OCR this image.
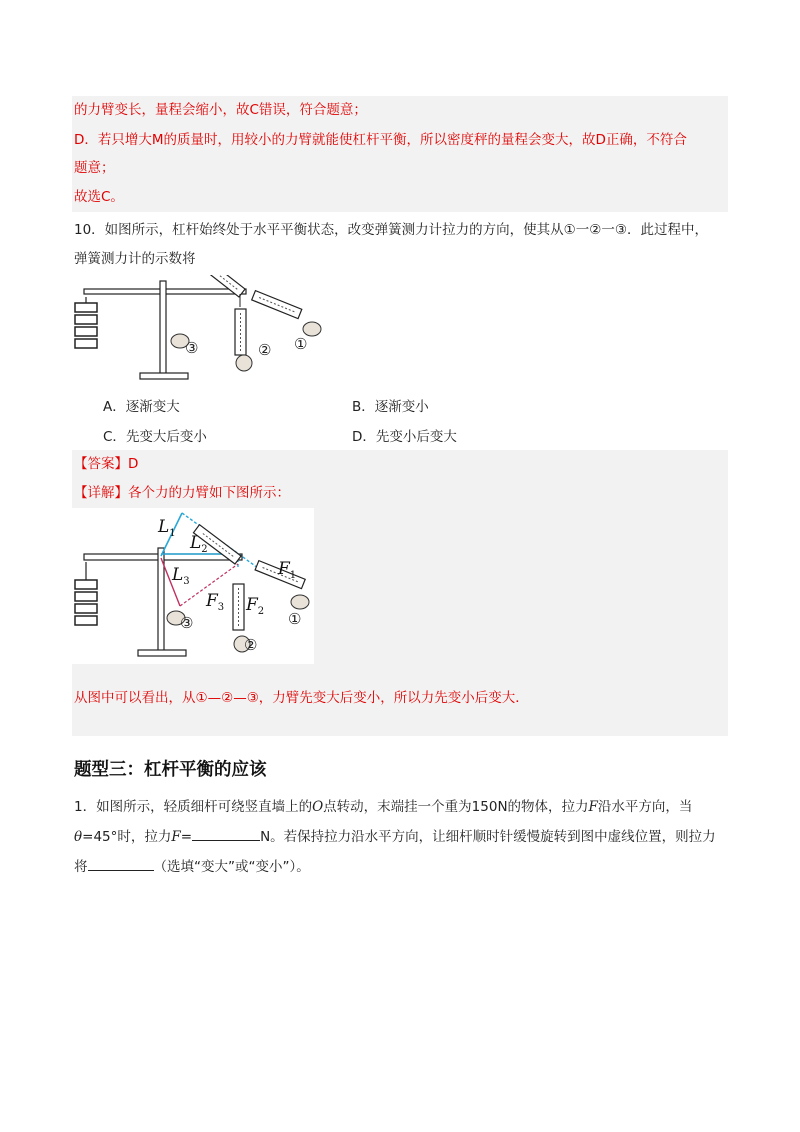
的力臂变长，量程会缩小，故C错误，符合题意；
D．若只增大M的质量时，用较小的力臂就能使杠杆平衡，所以密度秤的量程会变大，故D正确，不符合
题意；
故选C。
10．如图所示，杠杆始终处于水平平衡状态，改变弹簧测力计拉力的方向，使其从①一②一③．此过程中，
弹簧测力计的示数将
③	② ①
A．逐渐变大	B．逐渐变小
C．先变大后变小	D．先变小后变大
【答案】D
【详解】各个力的力臂如下图所示：
$L_1$ $L_2$
$L_3$
$F_1$
$F_2$
$F_3$
③
②
①
从图中可以看出，从①—②—③，力臂先变大后变小，所以力先变小后变大．
题型三：杠杆平衡的应该
1．如图所示，轻质细杆可绕竖直墙上的O点转动，末端挂一个重为150N的物体，拉力F沿水平方向，当
θ=45°时，拉力F=	N。若保持拉力沿水平方向，让细杆顺时针缓慢旋转到图中虚线位置，则拉力
将	（选填“变大”或“变小”）。
